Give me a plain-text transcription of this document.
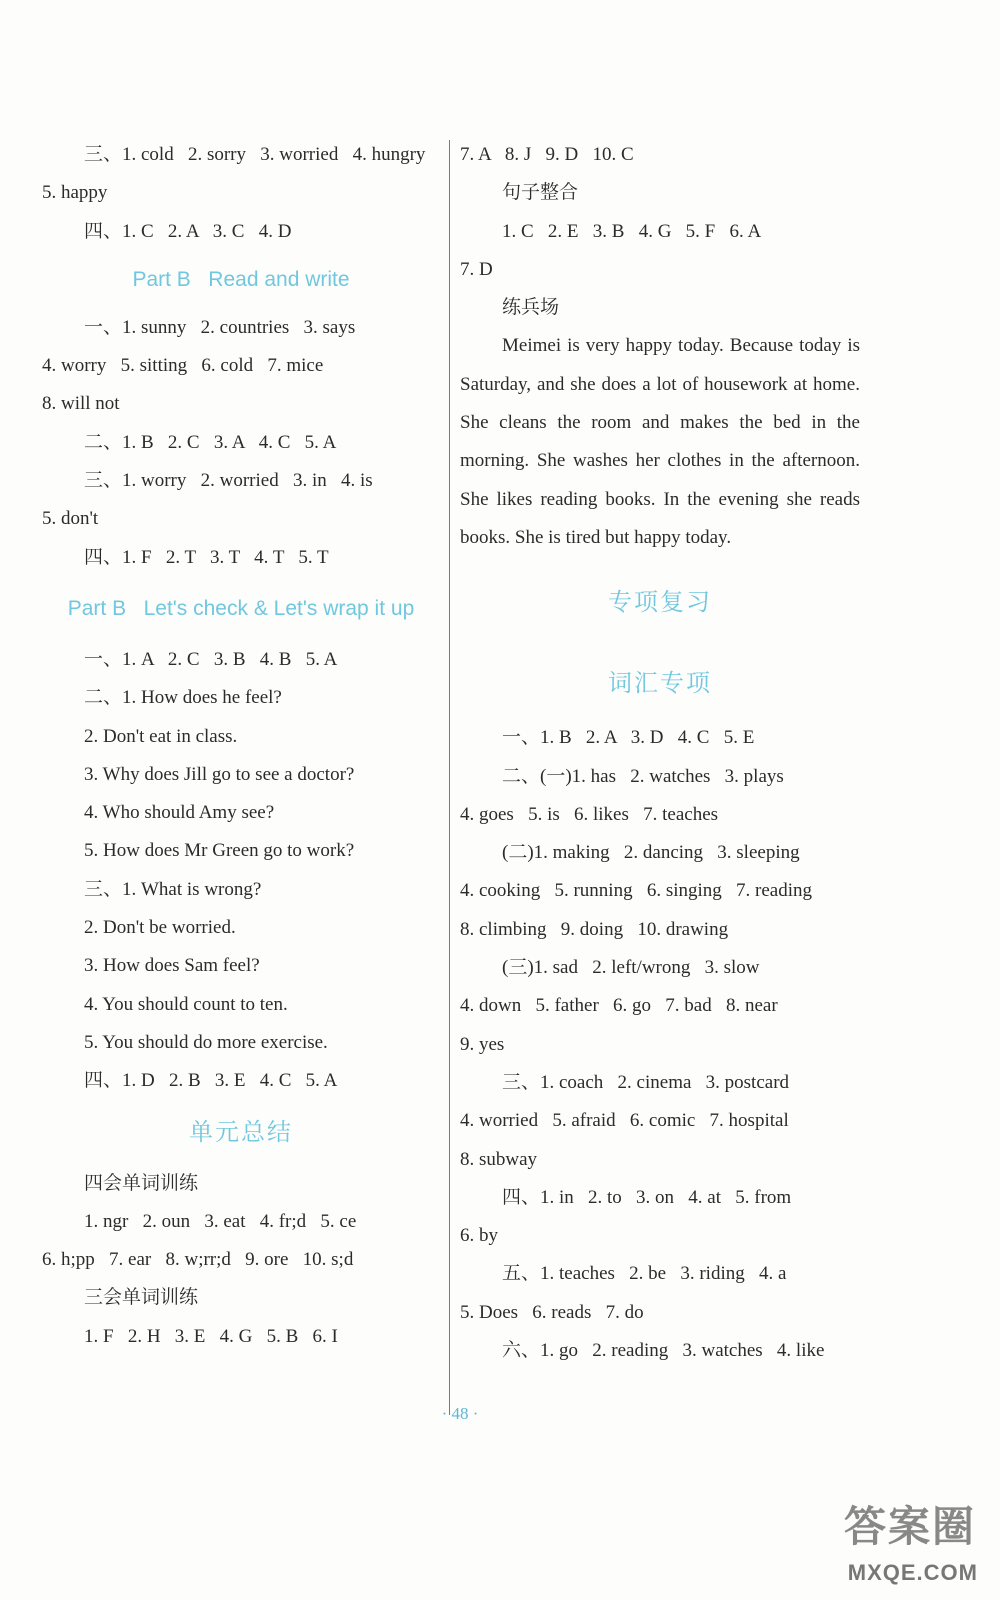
三、1. cold   2. sorry   3. worried   4. hungry
5. happy
四、1. C   2. A   3. C   4. D
Part B   Read and write
一、1. sunny   2. countries   3. says
4. worry   5. sitting   6. cold   7. mice
8. will not
二、1. B   2. C   3. A   4. C   5. A
三、1. worry   2. worried   3. in   4. is
5. don't
四、1. F   2. T   3. T   4. T   5. T
Part B   Let's check & Let's wrap it up
一、1. A   2. C   3. B   4. B   5. A
二、1. How does he feel?
2. Don't eat in class.
3. Why does Jill go to see a doctor?
4. Who should Amy see?
5. How does Mr Green go to work?
三、1. What is wrong?
2. Don't be worried.
3. How does Sam feel?
4. You should count to ten.
5. You should do more exercise.
四、1. D   2. B   3. E   4. C   5. A
单元总结
四会单词训练
1. ngr   2. oun   3. eat   4. fr;d   5. ce
6. h;pp   7. ear   8. w;rr;d   9. ore   10. s;d
三会单词训练
1. F   2. H   3. E   4. G   5. B   6. I
7. A   8. J   9. D   10. C
句子整合
1. C   2. E   3. B   4. G   5. F   6. A
7. D
练兵场
Meimei is very happy today. Because today is Saturday, and she does a lot of housework at home. She cleans the room and makes the bed in the morning. She washes her clothes in the afternoon. She likes reading books. In the evening she reads books. She is tired but happy today.
专项复习
词汇专项
一、1. B   2. A   3. D   4. C   5. E
二、(一)1. has   2. watches   3. plays
4. goes   5. is   6. likes   7. teaches
(二)1. making   2. dancing   3. sleeping
4. cooking   5. running   6. singing   7. reading
8. climbing   9. doing   10. drawing
(三)1. sad   2. left/wrong   3. slow
4. down   5. father   6. go   7. bad   8. near
9. yes
三、1. coach   2. cinema   3. postcard
4. worried   5. afraid   6. comic   7. hospital
8. subway
四、1. in   2. to   3. on   4. at   5. from
6. by
五、1. teaches   2. be   3. riding   4. a
5. Does   6. reads   7. do
六、1. go   2. reading   3. watches   4. like
· 48 ·
答案圈
MXQE.COM
